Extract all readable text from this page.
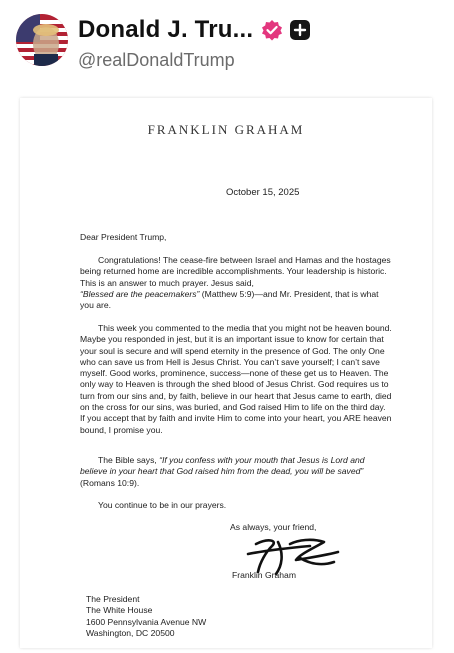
Donald J. Tru...
@realDonaldTrump
FRANKLIN GRAHAM
October 15, 2025
Dear President Trump,

Congratulations! The cease-fire between Israel and Hamas and the hostages being returned home are incredible accomplishments. Your leadership is historic. This is an answer to much prayer. Jesus said,
“Blessed are the peacemakers” (Matthew 5:9)—and Mr. President, that is what you are.

This week you commented to the media that you might not be heaven bound. Maybe you responded in jest, but it is an important issue to know for certain that your soul is secure and will spend eternity in the presence of God. The only One who can save us from Hell is Jesus Christ. You can’t save yourself; I can’t save myself. Good works, prominence, success—none of these get us to Heaven. The only way to Heaven is through the shed blood of Jesus Christ. God requires us to turn from our sins and, by faith, believe in our heart that Jesus came to earth, died on the cross for our sins, was buried, and God raised Him to life on the third day. If you accept that by faith and invite Him to come into your heart, you ARE heaven bound, I promise you.

The Bible says, “If you confess with your mouth that Jesus is Lord and believe in your heart that God raised him from the dead, you will be saved” (Romans 10:9).

You continue to be in our prayers.

As always, your friend,
Franklin Graham
The President
The White House
1600 Pennsylvania Avenue NW
Washington, DC 20500
